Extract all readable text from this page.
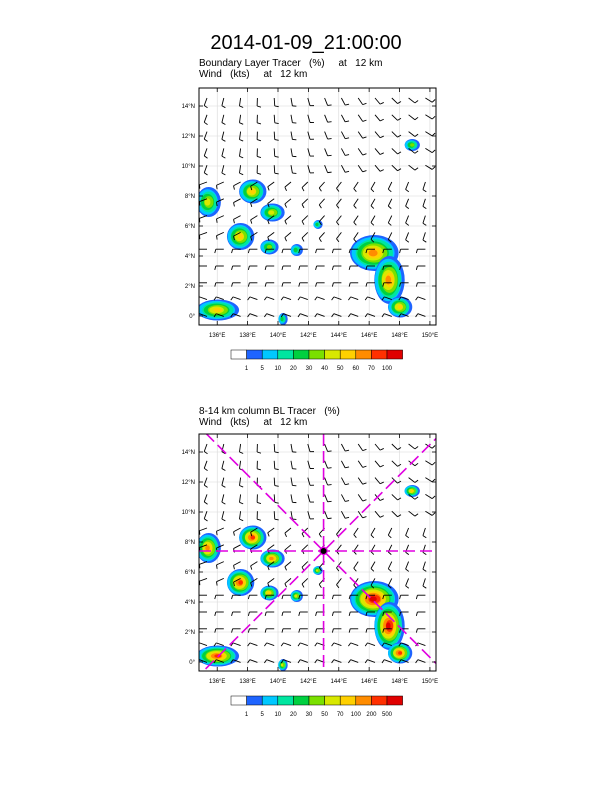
2014-01-09_21:00:00
Boundary Layer Tracer   (%)     at   12 km
Wind   (kts)     at   12 km
8-14 km column BL Tracer   (%)
Wind   (kts)     at   12 km
136°E 138°E 140°E 142°E 144°E 146°E 148°E 150°E
0°
2°N
4°N
6°N
8°N
10°N
12°N
14°N
1 5 10 20 30 40 50 60 70 100
136°E 138°E 140°E 142°E 144°E 146°E 148°E 150°E
0°
2°N
4°N
6°N
8°N
10°N
12°N
14°N
1 5 10 20 30 50 70 100 200 500
